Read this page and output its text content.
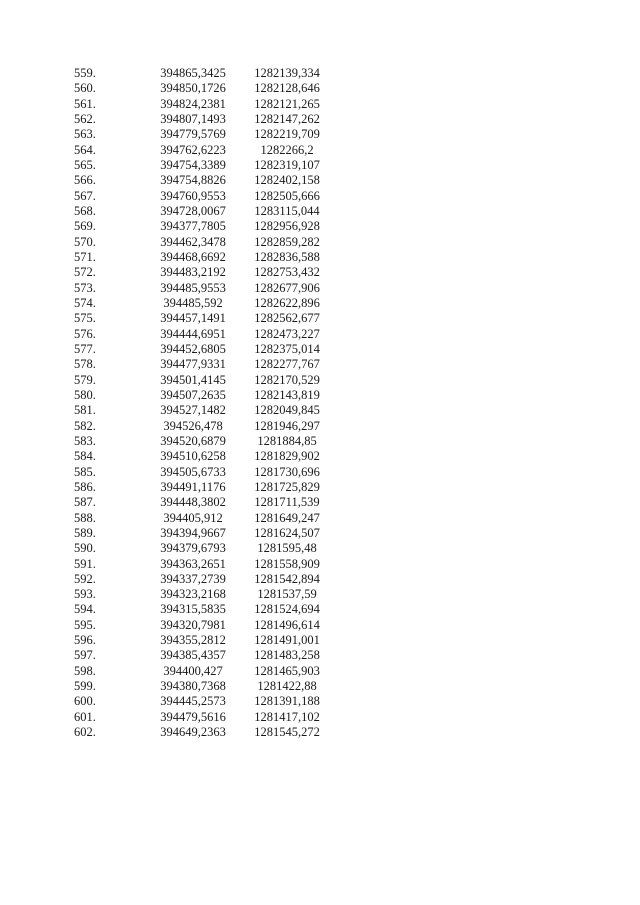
559.	394865,3425	1282139,334
560.	394850,1726	1282128,646
561.	394824,2381	1282121,265
562.	394807,1493	1282147,262
563.	394779,5769	1282219,709
564.	394762,6223	1282266,2
565.	394754,3389	1282319,107
566.	394754,8826	1282402,158
567.	394760,9553	1282505,666
568.	394728,0067	1283115,044
569.	394377,7805	1282956,928
570.	394462,3478	1282859,282
571.	394468,6692	1282836,588
572.	394483,2192	1282753,432
573.	394485,9553	1282677,906
574.	394485,592	1282622,896
575.	394457,1491	1282562,677
576.	394444,6951	1282473,227
577.	394452,6805	1282375,014
578.	394477,9331	1282277,767
579.	394501,4145	1282170,529
580.	394507,2635	1282143,819
581.	394527,1482	1282049,845
582.	394526,478	1281946,297
583.	394520,6879	1281884,85
584.	394510,6258	1281829,902
585.	394505,6733	1281730,696
586.	394491,1176	1281725,829
587.	394448,3802	1281711,539
588.	394405,912	1281649,247
589.	394394,9667	1281624,507
590.	394379,6793	1281595,48
591.	394363,2651	1281558,909
592.	394337,2739	1281542,894
593.	394323,2168	1281537,59
594.	394315,5835	1281524,694
595.	394320,7981	1281496,614
596.	394355,2812	1281491,001
597.	394385,4357	1281483,258
598.	394400,427	1281465,903
599.	394380,7368	1281422,88
600.	394445,2573	1281391,188
601.	394479,5616	1281417,102
602.	394649,2363	1281545,272
